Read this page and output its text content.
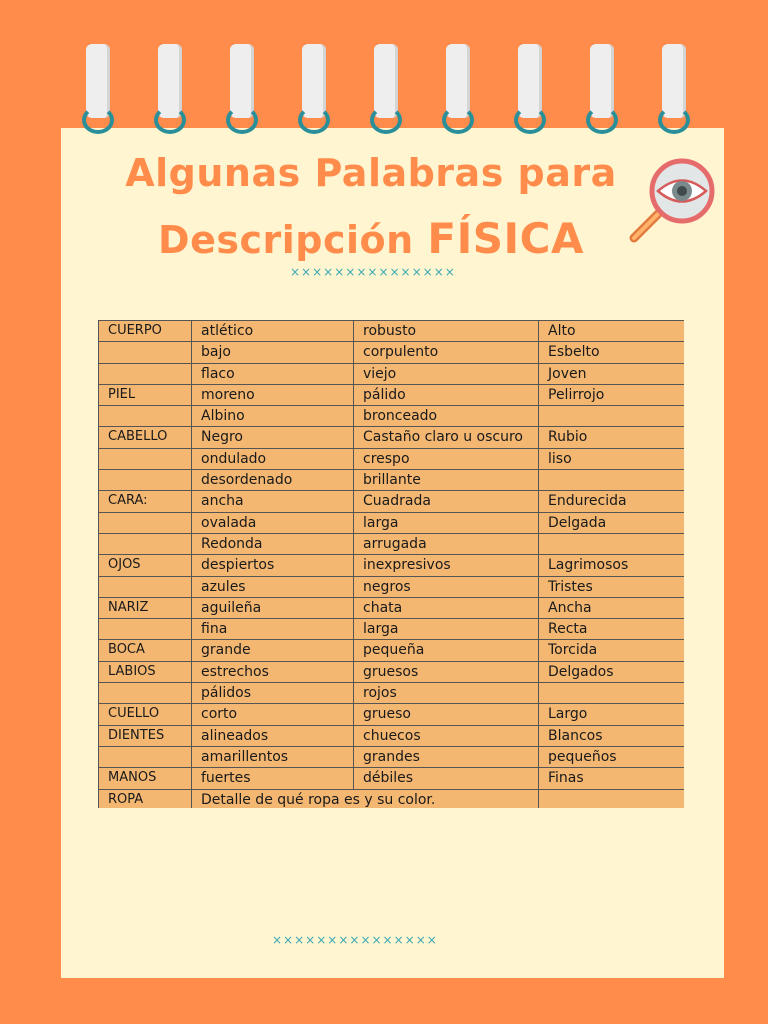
Algunas Palabras para
Descripción FÍSICA
×××××××××××××××
CUERPO	atlético	robusto	Alto
	bajo	corpulento	Esbelto
	flaco	viejo	Joven
PIEL	moreno	pálido	Pelirrojo
	Albino	bronceado	
CABELLO	Negro	Castaño claro u oscuro	Rubio
	ondulado	crespo	liso
	desordenado	brillante	
CARA:	ancha	Cuadrada	Endurecida
	ovalada	larga	Delgada
	Redonda	arrugada	
OJOS	despiertos	inexpresivos	Lagrimosos
	azules	negros	Tristes
NARIZ	aguileña	chata	Ancha
	fina	larga	Recta
BOCA	grande	pequeña	Torcida
LABIOS	estrechos	gruesos	Delgados
	pálidos	rojos	
CUELLO	corto	grueso	Largo
DIENTES	alineados	chuecos	Blancos
	amarillentos	grandes	pequeños
MANOS	fuertes	débiles	Finas
ROPA	Detalle de qué ropa es y su color.		
×××××××××××××××
